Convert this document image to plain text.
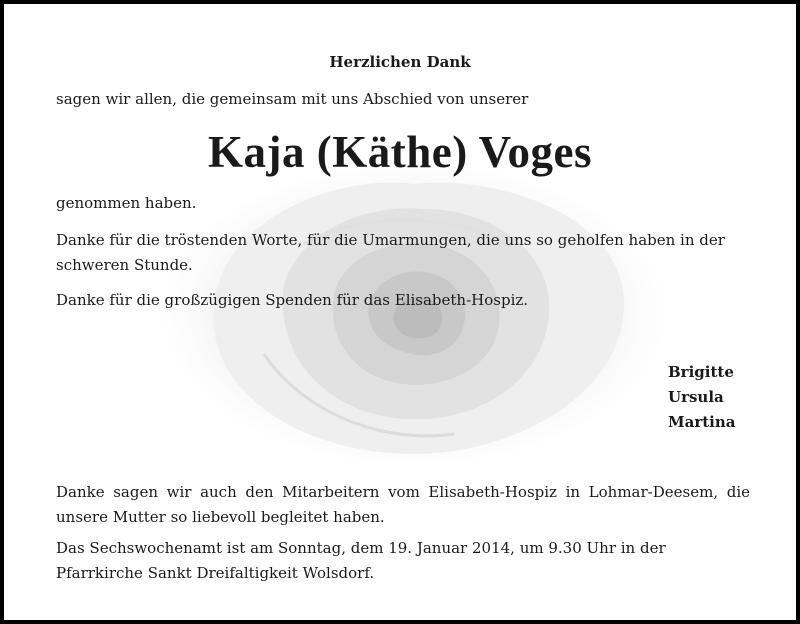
Herzlichen Dank
sagen wir allen, die gemeinsam mit uns Abschied von unserer
Kaja (Käthe) Voges
genommen haben.
Danke für die tröstenden Worte, für die Umarmungen, die uns so geholfen haben in der schweren Stunde.
Danke für die großzügigen Spenden für das Elisabeth-Hospiz.
Brigitte
Ursula
Martina
Danke sagen wir auch den Mitarbeitern vom Elisabeth-Hospiz in Lohmar-Deesem, die unsere Mutter so liebevoll begleitet haben.
Das Sechswochenamt ist am Sonntag, dem 19. Januar 2014, um 9.30 Uhr in der Pfarrkirche Sankt Dreifaltigkeit Wolsdorf.
